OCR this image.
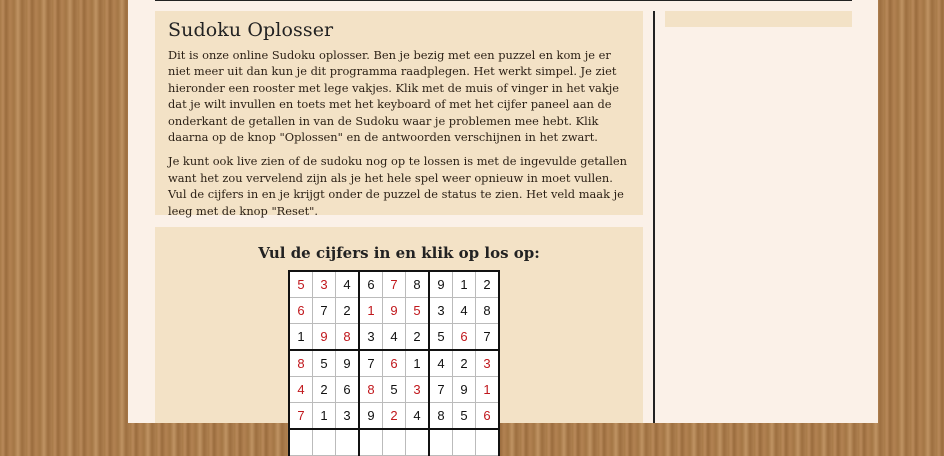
Sudoku Oplosser

Dit is onze online Sudoku oplosser. Ben je bezig met een puzzel en kom je er niet meer uit dan kun je dit programma raadplegen. Het werkt simpel. Je ziet hieronder een rooster met lege vakjes. Klik met de muis of vinger in het vakje dat je wilt invullen en toets met het keyboard of met het cijfer paneel aan de onderkant de getallen in van de Sudoku waar je problemen mee hebt. Klik daarna op de knop "Oplossen" en de antwoorden verschijnen in het zwart.

Je kunt ook live zien of de sudoku nog op te lossen is met de ingevulde getallen want het zou vervelend zijn als je het hele spel weer opnieuw in moet vullen. Vul de cijfers in en je krijgt onder de puzzel de status te zien. Het veld maak je leeg met de knop "Reset".

Vul de cijfers in en klik op los op:
5	3	4	6	7	8	9	1	2
6	7	2	1	9	5	3	4	8
1	9	8	3	4	2	5	6	7
8	5	9	7	6	1	4	2	3
4	2	6	8	5	3	7	9	1
7	1	3	9	2	4	8	5	6
